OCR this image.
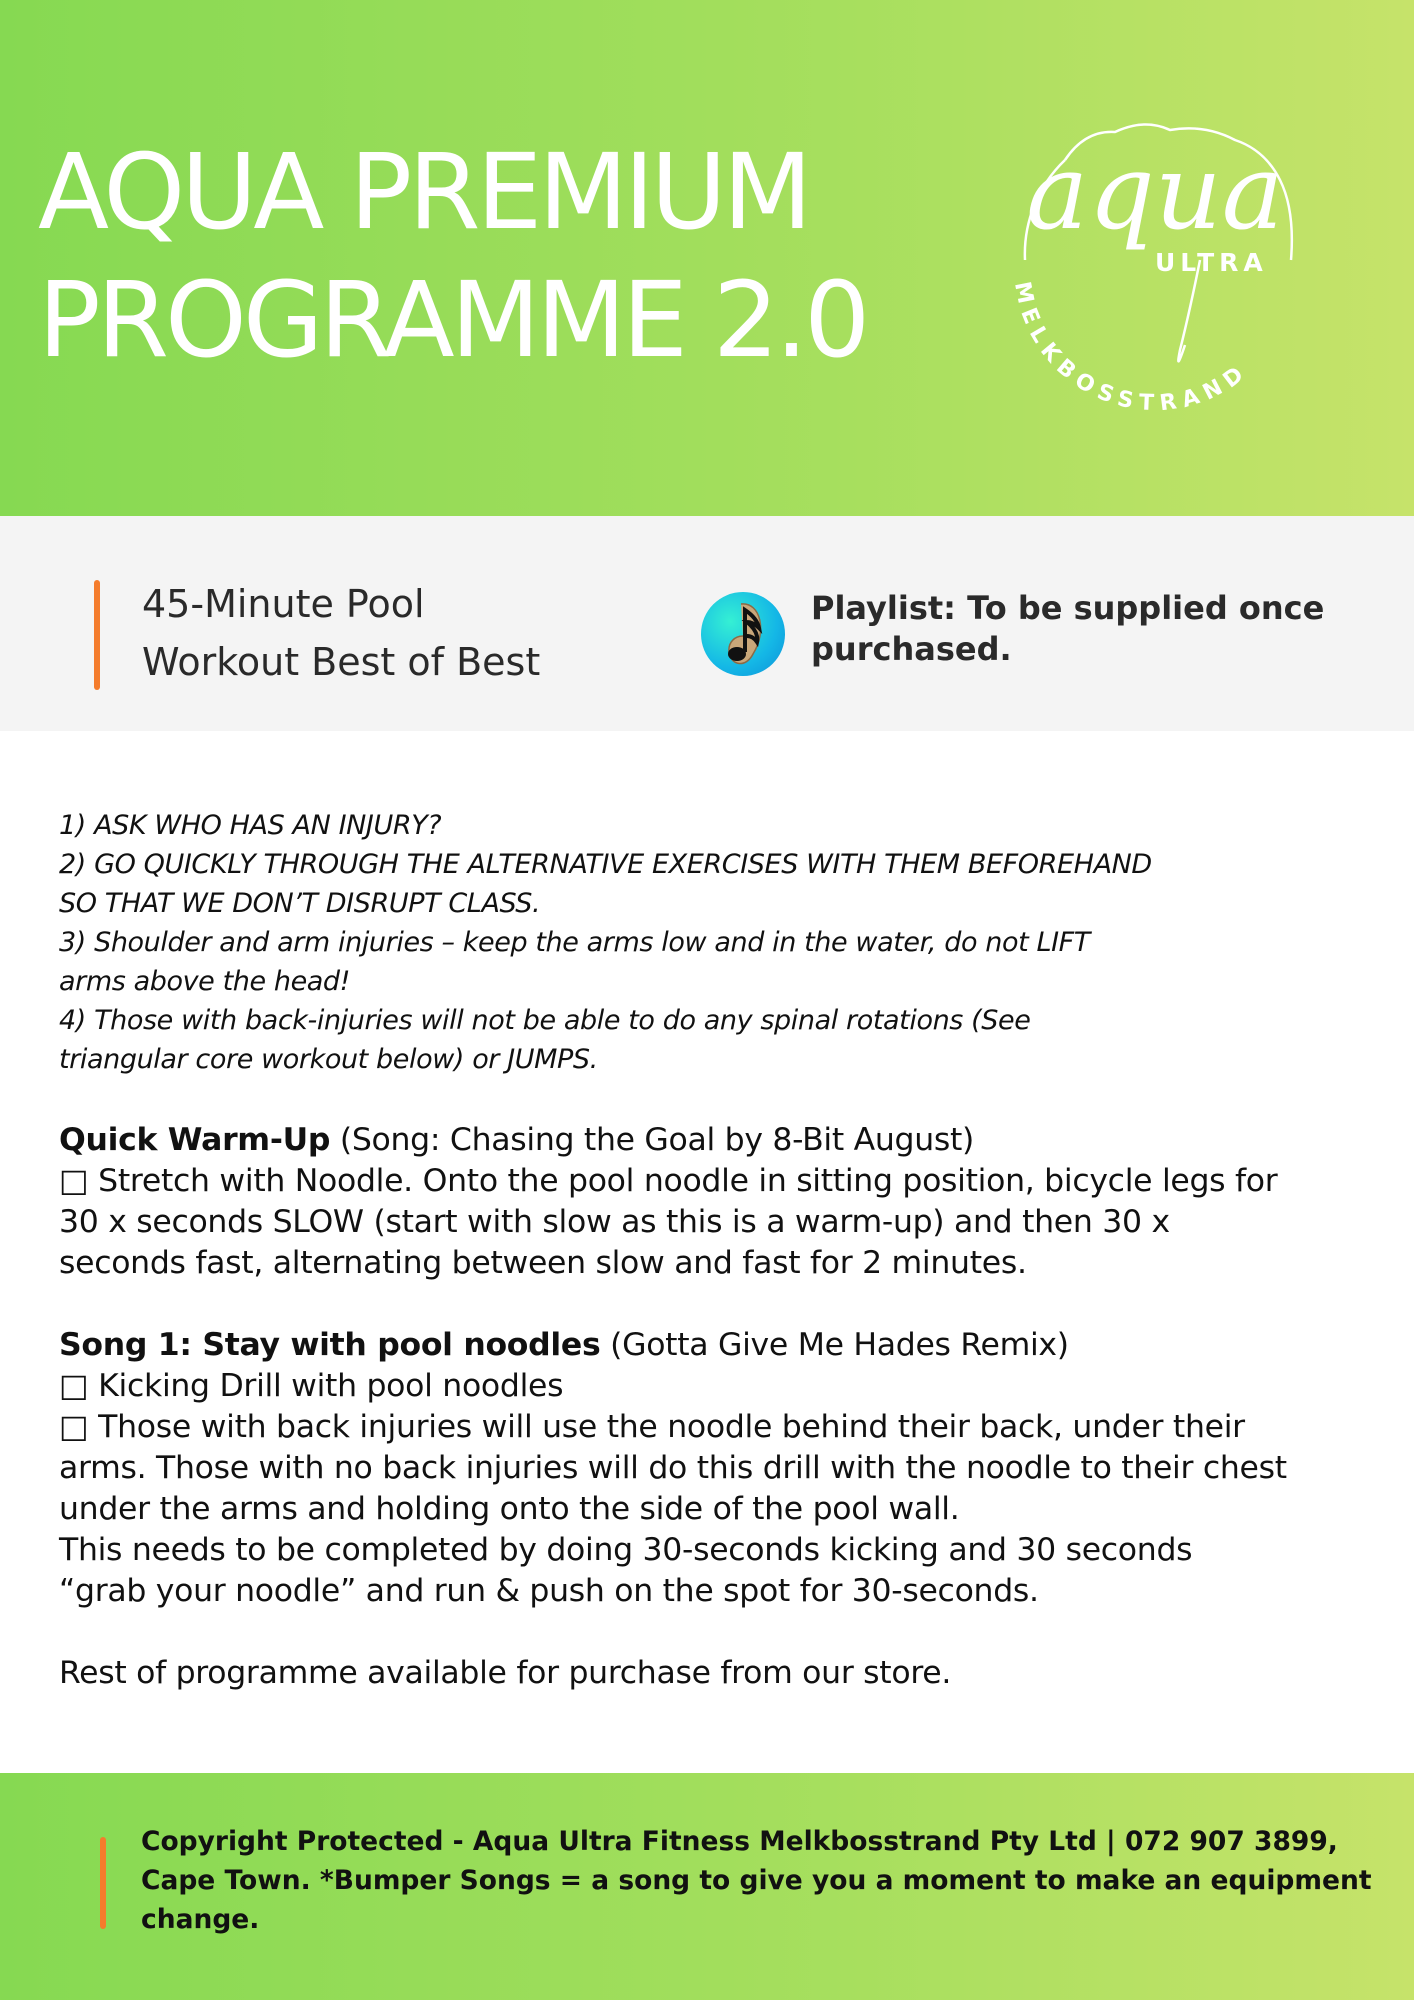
AQUA PREMIUM
PROGRAMME 2.0	MELKBOSSTRAND
aqua
ULTRA
45-Minute Pool
Workout Best of Best
Playlist: To be supplied once
purchased.

1) ASK WHO HAS AN INJURY?

2) GO QUICKLY THROUGH THE ALTERNATIVE EXERCISES WITH THEM BEFOREHAND

SO THAT WE DON’T DISRUPT CLASS.

3) Shoulder and arm injuries – keep the arms low and in the water, do not LIFT

arms above the head!

4) Those with back-injuries will not be able to do any spinal rotations (See

triangular core workout below) or JUMPS.

Quick Warm-Up (Song: Chasing the Goal by 8-Bit August)

□ Stretch with Noodle. Onto the pool noodle in sitting position, bicycle legs for

30 x seconds SLOW (start with slow as this is a warm-up) and then 30 x

seconds fast, alternating between slow and fast for 2 minutes.

Song 1: Stay with pool noodles (Gotta Give Me Hades Remix)

□ Kicking Drill with pool noodles

□ Those with back injuries will use the noodle behind their back, under their

arms. Those with no back injuries will do this drill with the noodle to their chest

under the arms and holding onto the side of the pool wall.

This needs to be completed by doing 30-seconds kicking and 30 seconds

“grab your noodle” and run & push on the spot for 30-seconds.

Rest of programme available for purchase from our store.

Copyright Protected - Aqua Ultra Fitness Melkbosstrand Pty Ltd | 072 907 3899,
Cape Town. *Bumper Songs = a song to give you a moment to make an equipment
change.
